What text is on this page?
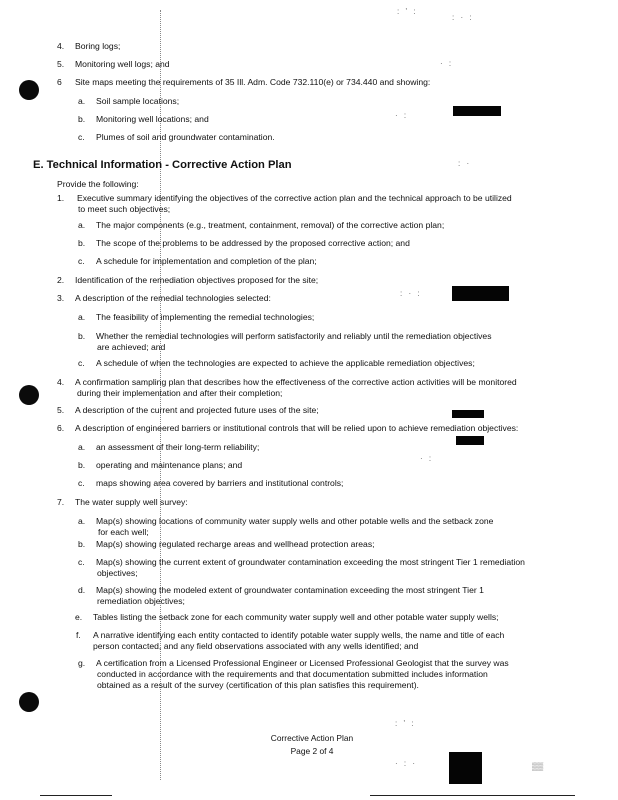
: ' :
: · :
· :
· :
: ·
: · :
· :
: ' :
· : ·
4. Boring logs;
5. Monitoring well logs; and
6 Site maps meeting the requirements of 35 Ill. Adm. Code 732.110(e) or 734.440 and showing:
a. Soil sample locations;
b. Monitoring well locations; and
c. Plumes of soil and groundwater contamination.
E. Technical Information - Corrective Action Plan
Provide the following:
1. Executive summary identifying the objectives of the corrective action plan and the technical approach to be utilized
to meet such objectives;
a. The major components (e.g., treatment, containment, removal) of the corrective action plan;
b. The scope of the problems to be addressed by the proposed corrective action; and
c. A schedule for implementation and completion of the plan;
2. Identification of the remediation objectives proposed for the site;
3. A description of the remedial technologies selected:
a. The feasibility of implementing the remedial technologies;
b. Whether the remedial technologies will perform satisfactorily and reliably until the remediation objectives
are achieved; and
c. A schedule of when the technologies are expected to achieve the applicable remediation objectives;
4. A confirmation sampling plan that describes how the effectiveness of the corrective action activities will be monitored
during their implementation and after their completion;
5. A description of the current and projected future uses of the site;
6. A description of engineered barriers or institutional controls that will be relied upon to achieve remediation objectives:
a. an assessment of their long-term reliability;
b. operating and maintenance plans; and
c. maps showing area covered by barriers and institutional controls;
7. The water supply well survey:
a. Map(s) showing locations of community water supply wells and other potable wells and the setback zone
for each well;
b. Map(s) showing regulated recharge areas and wellhead protection areas;
c. Map(s) showing the current extent of groundwater contamination exceeding the most stringent Tier 1 remediation
objectives;
d. Map(s) showing the modeled extent of groundwater contamination exceeding the most stringent Tier 1
remediation objectives;
e. Tables listing the setback zone for each community water supply well and other potable water supply wells;
f. A narrative identifying each entity contacted to identify potable water supply wells, the name and title of each
person contacted, and any field observations associated with any wells identified; and
g. A certification from a Licensed Professional Engineer or Licensed Professional Geologist that the survey was
conducted in accordance with the requirements and that documentation submitted includes information
obtained as a result of the survey (certification of this plan satisfies this requirement).
Corrective Action Plan
Page 2 of 4
▒▒
